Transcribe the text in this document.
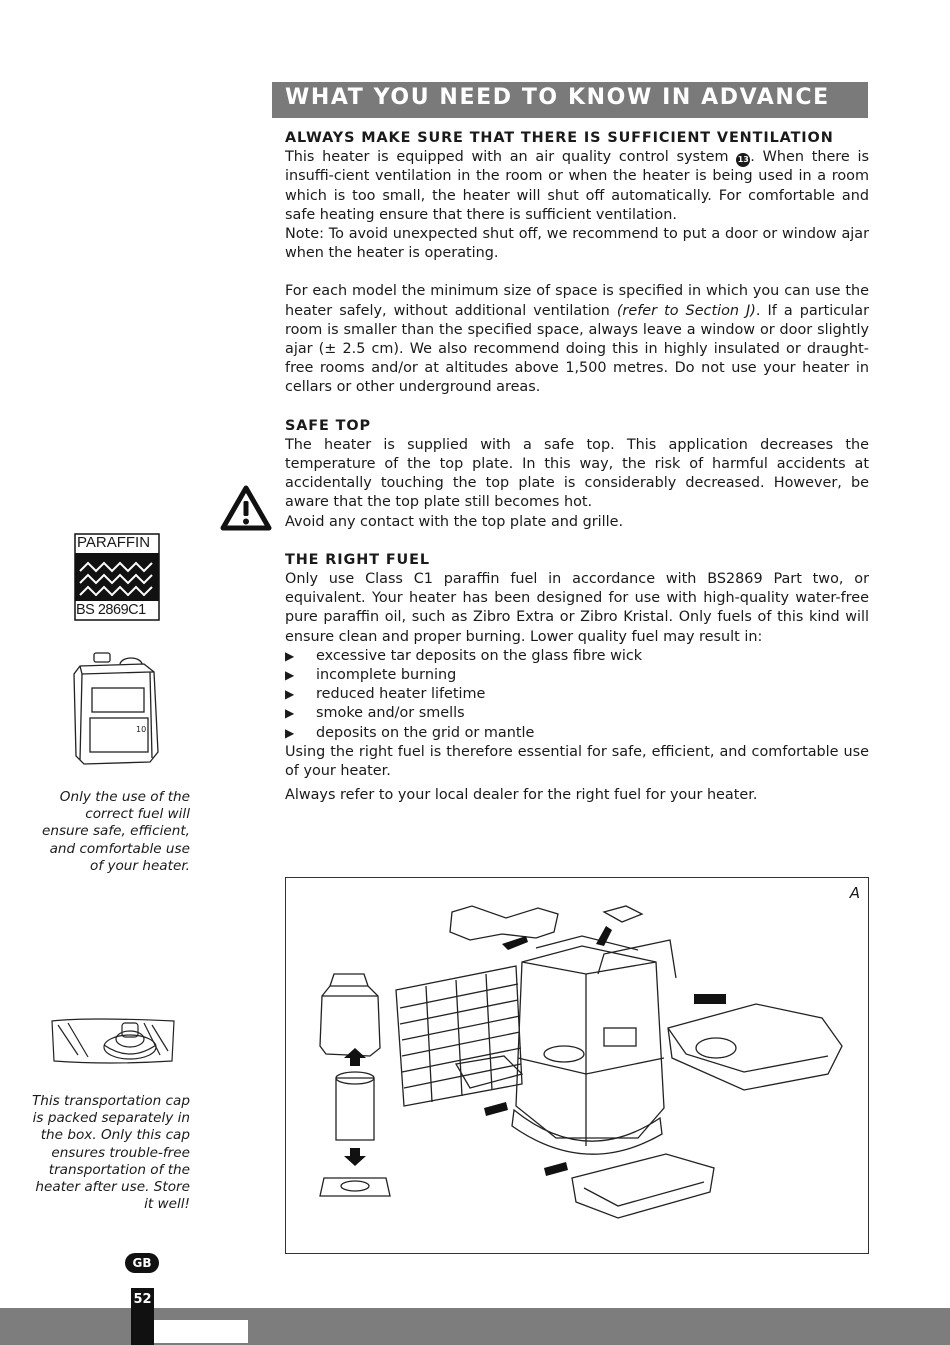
WHAT YOU NEED TO KNOW IN ADVANCE
ALWAYS MAKE SURE THAT THERE IS SUFFICIENT VENTILATION

This heater is equipped with an air quality control system 13. When there is insuffi-cient ventilation in the room or when the heater is being used in a room which is too small, the heater will shut off automatically. For comfortable and safe heating ensure that there is sufficient ventilation.

Note: To avoid unexpected shut off, we recommend to put a door or window ajar when the heater is operating.

For each model the minimum size of space is specified in which you can use the heater safely, without additional ventilation (refer to Section J). If a particular room is smaller than the specified space, always leave a window or door slightly ajar (± 2.5 cm). We also recommend doing this in highly insulated or draught-free rooms and/or at altitudes above 1,500 metres. Do not use your heater in cellars or other underground areas.

SAFE TOP

The heater is supplied with a safe top. This application decreases the temperature of the top plate. In this way, the risk of harmful accidents at accidentally touching the top plate is considerably decreased. However, be aware that the top plate still becomes hot.

Avoid any contact with the top plate and grille.

THE RIGHT FUEL

Only use Class C1 paraffin fuel in accordance with BS2869 Part two, or equivalent. Your heater has been designed for use with high-quality water-free pure paraffin oil, such as Zibro Extra or Zibro Kristal. Only fuels of this kind will ensure clean and proper burning. Lower quality fuel may result in:

▶	excessive tar deposits on the glass fibre wick
▶	incomplete burning
▶	reduced heater lifetime
▶	smoke and/or smells
▶	deposits on the grid or mantle

Using the right fuel is therefore essential for safe, efficient, and comfortable use of your heater.

Always refer to your local dealer for the right fuel for your heater.

PARAFFIN
BS 2869C1
10
Only the use of the correct fuel will ensure safe, efficient, and comfortable use of your heater.
This transportation cap is packed separately in the box. Only this cap ensures trouble-free transportation of the heater after use. Store it well!
A
GB
52
